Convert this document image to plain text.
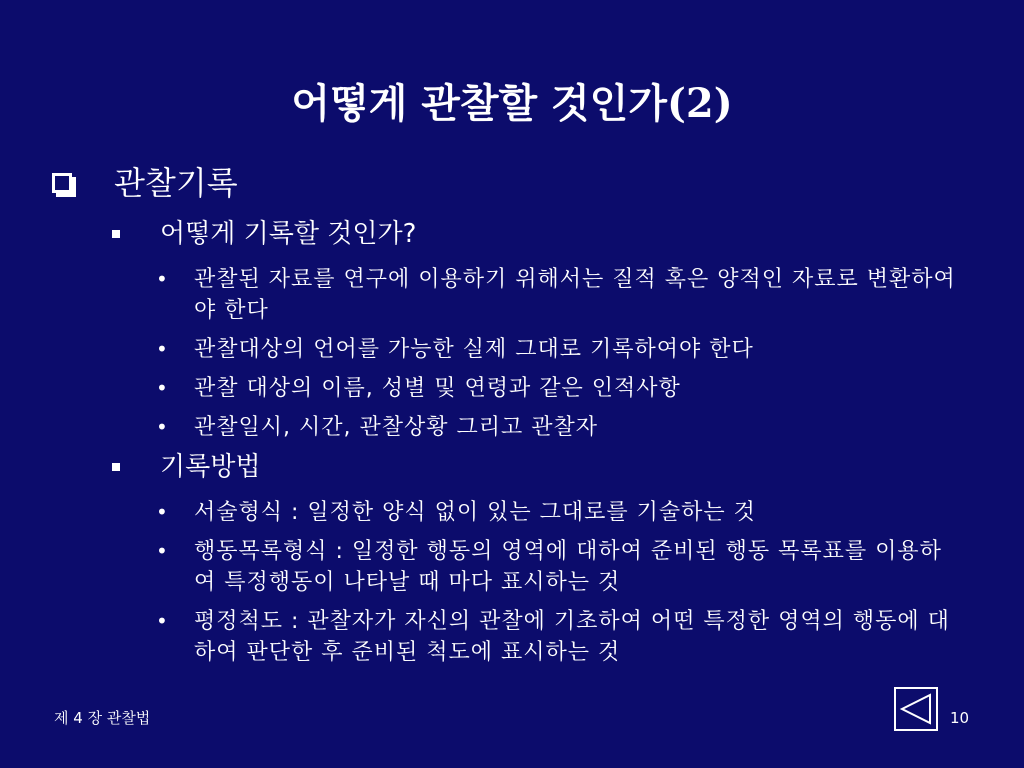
어떻게 관찰할 것인가(2)
관찰기록
어떻게 기록할 것인가?
•	관찰된 자료를 연구에 이용하기 위해서는 질적 혹은 양적인 자료로 변환하여야 한다
•	관찰대상의 언어를 가능한 실제 그대로 기록하여야 한다
•	관찰 대상의 이름, 성별 및 연령과 같은 인적사항
•	관찰일시, 시간, 관찰상황 그리고 관찰자
기록방법
•	서술형식 : 일정한 양식 없이 있는 그대로를 기술하는 것
•	행동목록형식 : 일정한 행동의 영역에 대하여 준비된 행동 목록표를 이용하여 특정행동이 나타날 때 마다 표시하는 것
•	평정척도 : 관찰자가 자신의 관찰에 기초하여 어떤 특정한 영역의 행동에 대하여 판단한 후 준비된 척도에 표시하는 것
제 4 장 관찰법	10
